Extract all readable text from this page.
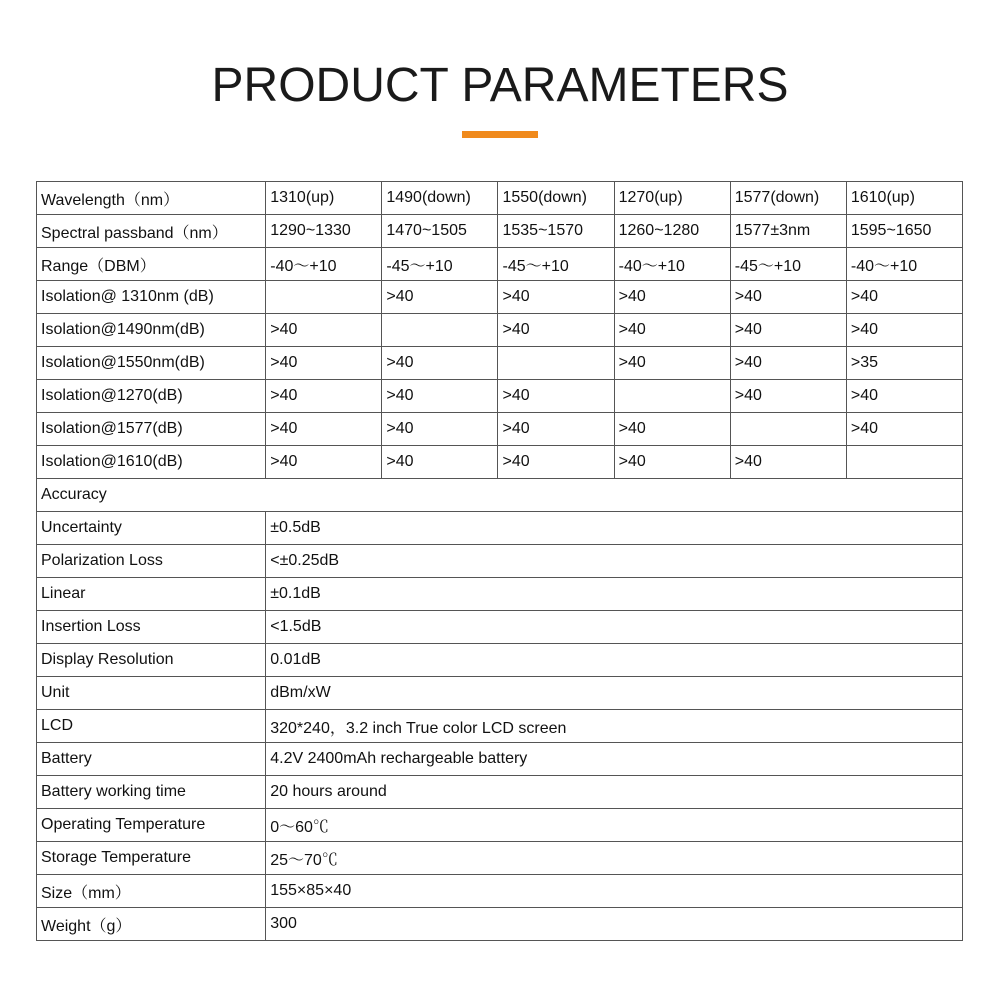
PRODUCT PARAMETERS
Wavelength（nm）	1310(up)	1490(down)	1550(down)	1270(up)	1577(down)	1610(up)
Spectral passband（nm）	1290~1330	1470~1505	1535~1570	1260~1280	1577±3nm	1595~1650
Range（DBM）	-40～+10	-45～+10	-45～+10	-40～+10	-45～+10	-40～+10
Isolation@ 1310nm (dB)		>40	>40	>40	>40	>40
Isolation@1490nm(dB)	>40		>40	>40	>40	>40
Isolation@1550nm(dB)	>40	>40		>40	>40	>35
Isolation@1270(dB)	>40	>40	>40		>40	>40
Isolation@1577(dB)	>40	>40	>40	>40		>40
Isolation@1610(dB)	>40	>40	>40	>40	>40	
Accuracy						
Uncertainty	±0.5dB					
Polarization Loss	<±0.25dB					
Linear	±0.1dB					
Insertion Loss	<1.5dB					
Display Resolution	0.01dB					
Unit	dBm/xW					
LCD	320*240，3.2 inch True color LCD screen					
Battery	4.2V 2400mAh rechargeable battery					
Battery working time	20 hours around					
Operating Temperature	0～60℃					
Storage Temperature	25～70℃					
Size（mm）	155×85×40					
Weight（g）	300					
